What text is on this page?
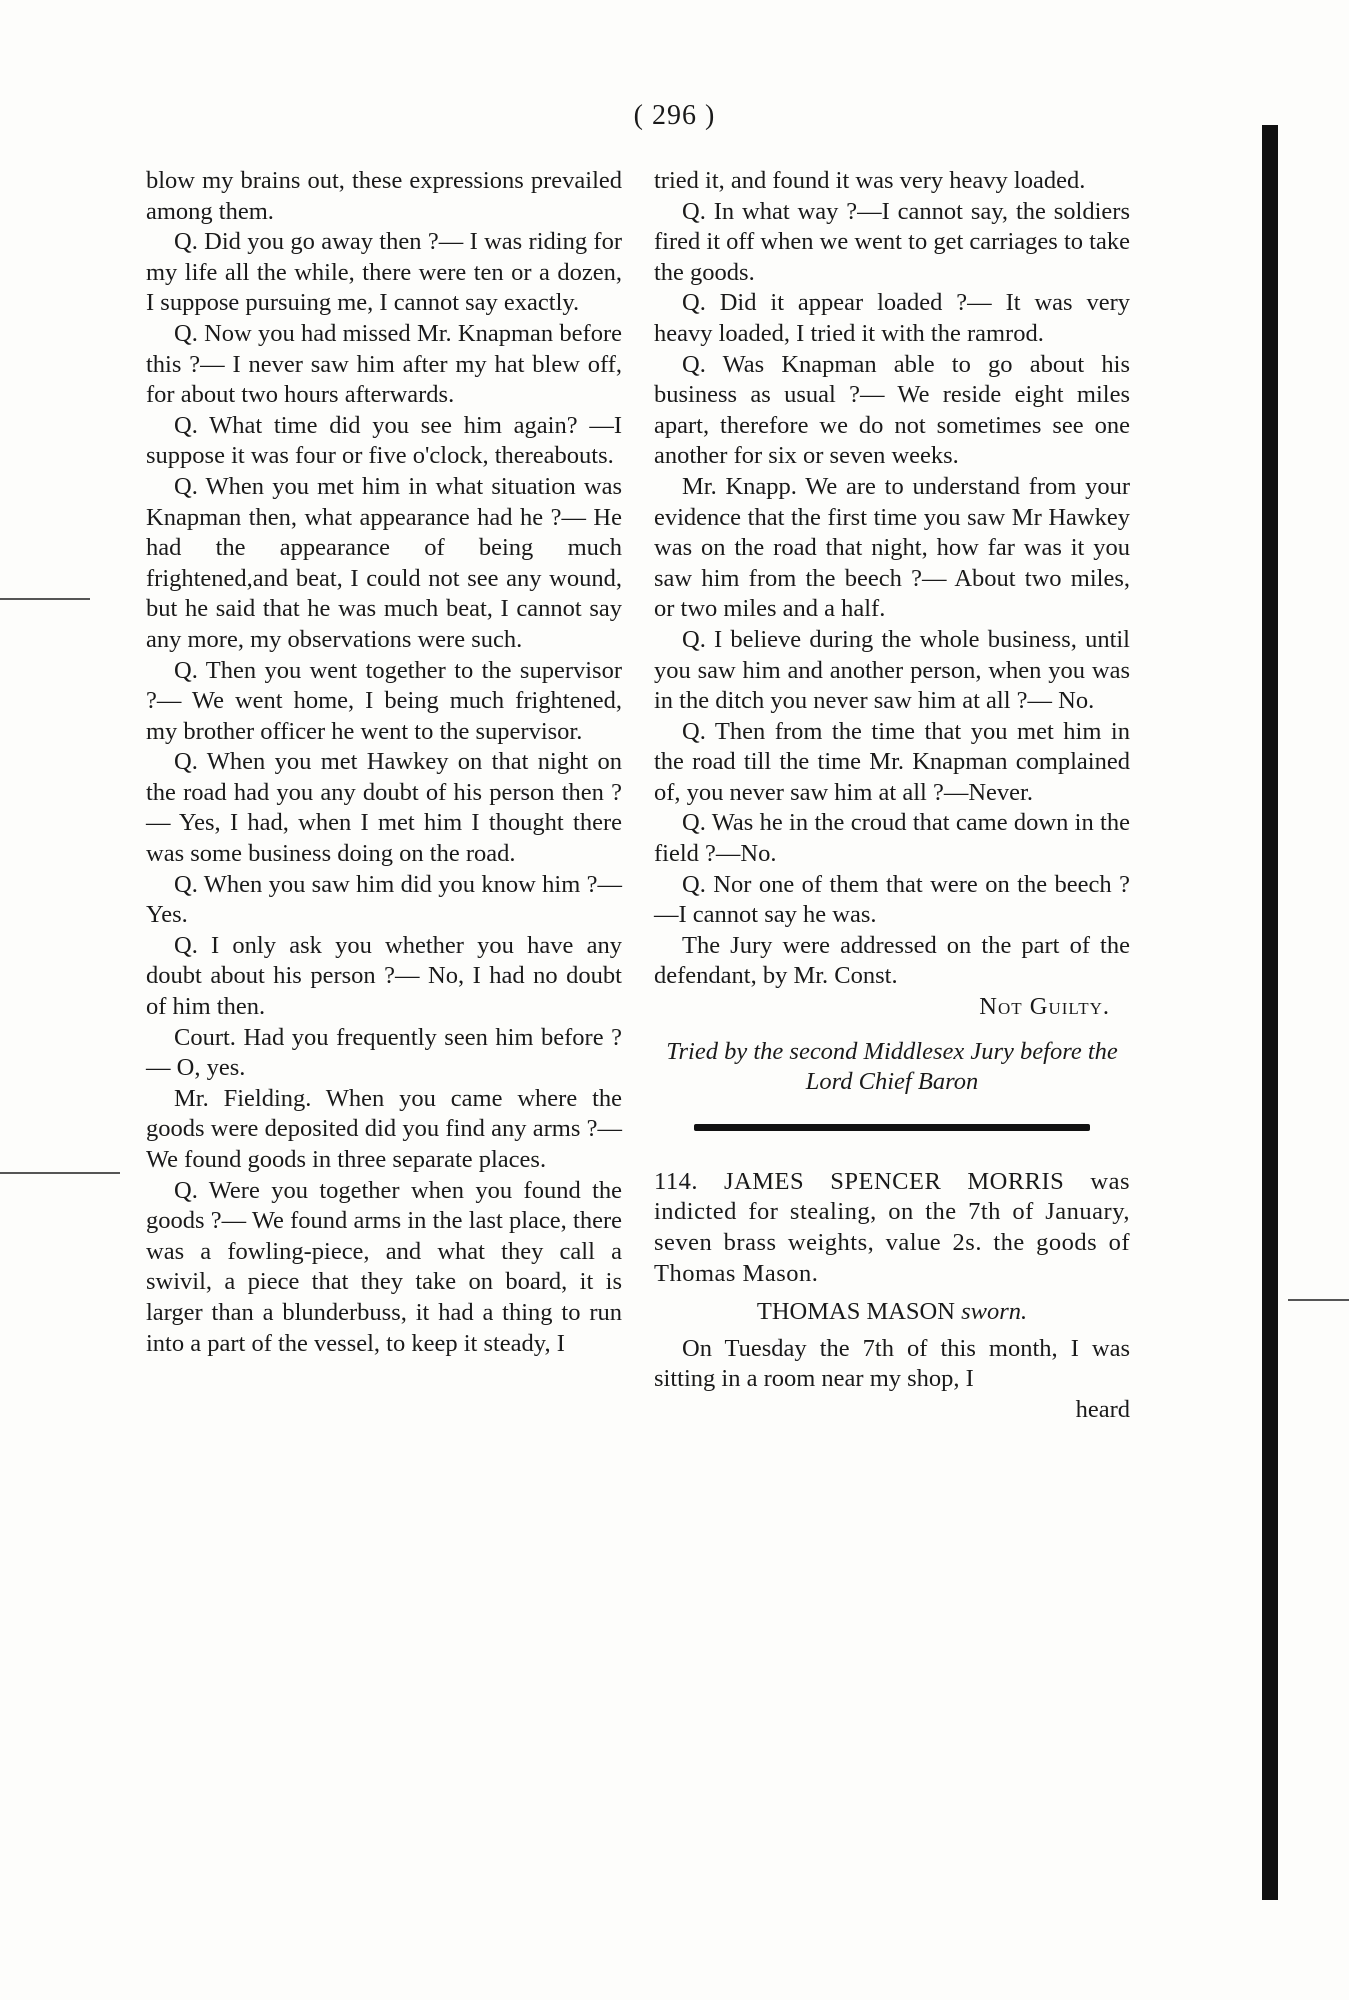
( 296 )

blow my brains out, these expressions prevailed among them.

Q. Did you go away then ?— I was riding for my life all the while, there were ten or a dozen, I suppose pursuing me, I cannot say exactly.

Q. Now you had missed Mr. Knapman before this ?— I never saw him after my hat blew off, for about two hours afterwards.

Q. What time did you see him again? —I suppose it was four or five o'clock, thereabouts.

Q. When you met him in what situation was Knapman then, what appearance had he ?— He had the appearance of being much frightened,and beat, I could not see any wound, but he said that he was much beat, I cannot say any more, my observations were such.

Q. Then you went together to the supervisor ?— We went home, I being much frightened, my brother officer he went to the supervisor.

Q. When you met Hawkey on that night on the road had you any doubt of his person then ?— Yes, I had, when I met him I thought there was some business doing on the road.

Q. When you saw him did you know him ?—Yes.

Q. I only ask you whether you have any doubt about his person ?— No, I had no doubt of him then.

Court. Had you frequently seen him before ?— O, yes.

Mr. Fielding. When you came where the goods were deposited did you find any arms ?— We found goods in three separate places.

Q. Were you together when you found the goods ?— We found arms in the last place, there was a fowling-piece, and what they call a swivil, a piece that they take on board, it is larger than a blunderbuss, it had a thing to run into a part of the vessel, to keep it steady, I

tried it, and found it was very heavy loaded.

Q. In what way ?—I cannot say, the soldiers fired it off when we went to get carriages to take the goods.

Q. Did it appear loaded ?— It was very heavy loaded, I tried it with the ramrod.

Q. Was Knapman able to go about his business as usual ?— We reside eight miles apart, therefore we do not sometimes see one another for six or seven weeks.

Mr. Knapp. We are to understand from your evidence that the first time you saw Mr Hawkey was on the road that night, how far was it you saw him from the beech ?— About two miles, or two miles and a half.

Q. I believe during the whole business, until you saw him and another person, when you was in the ditch you never saw him at all ?— No.

Q. Then from the time that you met him in the road till the time Mr. Knapman complained of, you never saw him at all ?—Never.

Q. Was he in the croud that came down in the field ?—No.

Q. Nor one of them that were on the beech ?—I cannot say he was.

The Jury were addressed on the part of the defendant, by Mr. Const.

Not Guilty.
Tried by the second Middlesex Jury before the
Lord Chief Baron

114. JAMES SPENCER MORRIS was indicted for stealing, on the 7th of January, seven brass weights, value 2s. the goods of Thomas Mason.

THOMAS MASON sworn.

On Tuesday the 7th of this month, I was sitting in a room near my shop, I

heard
